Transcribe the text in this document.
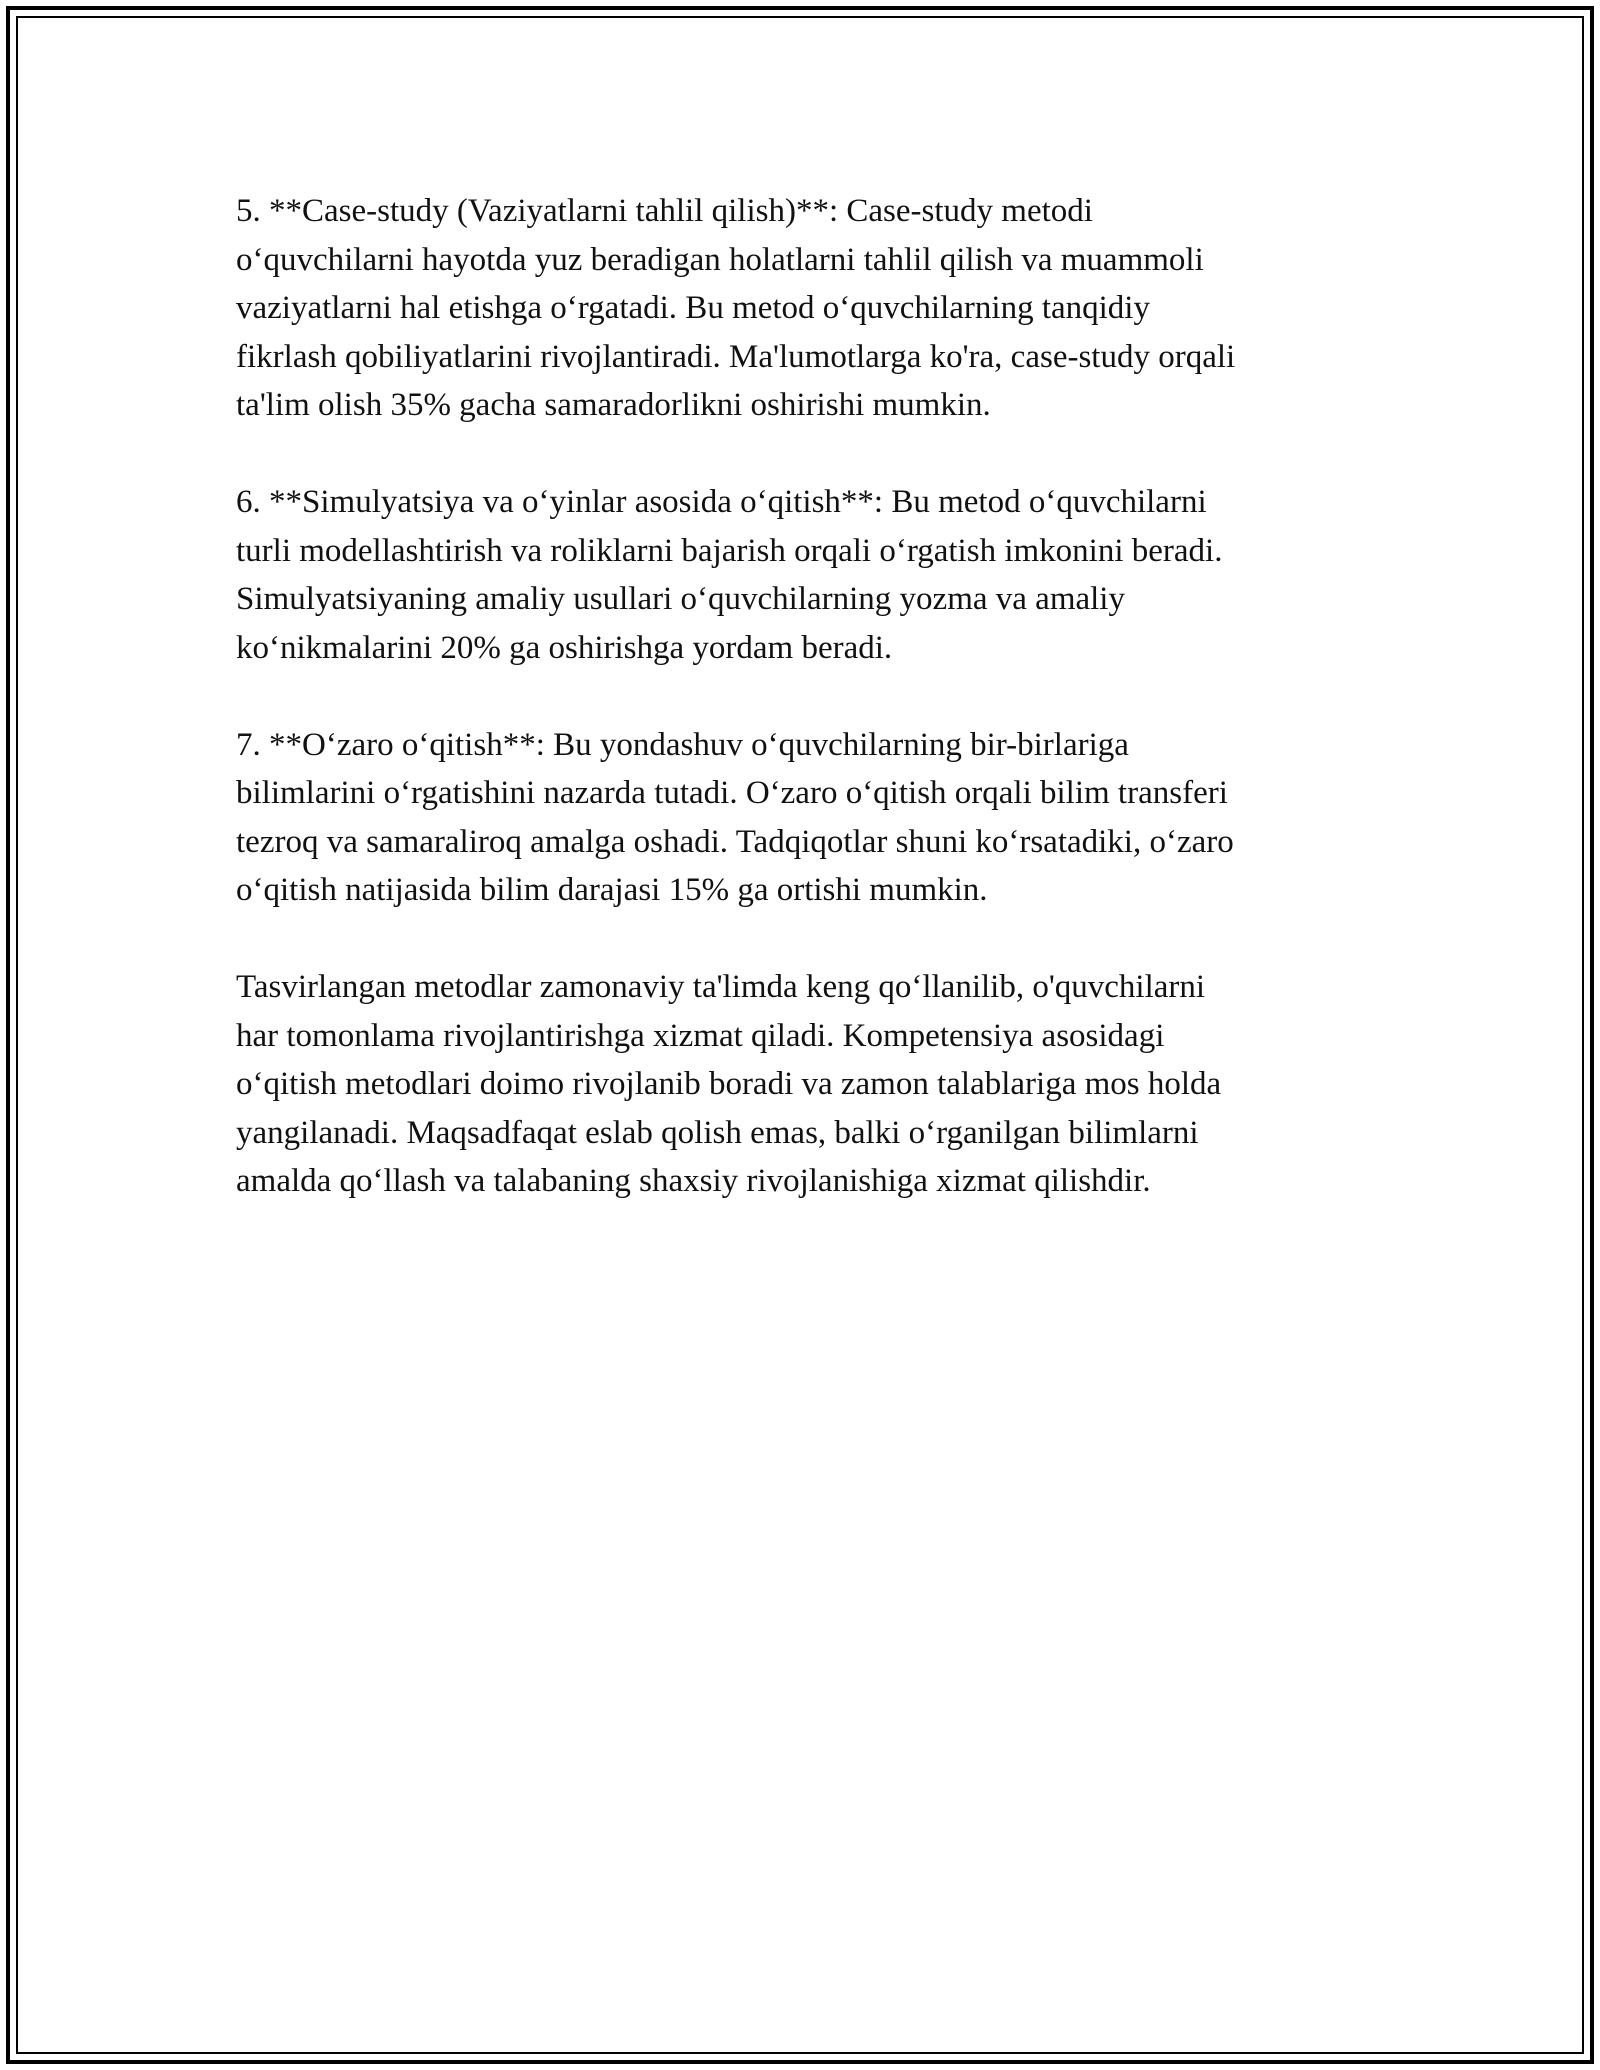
5. **Case-study (Vaziyatlarni tahlil qilish)**: Case-study metodi
o‘quvchilarni hayotda yuz beradigan holatlarni tahlil qilish va muammoli
vaziyatlarni hal etishga o‘rgatadi. Bu metod o‘quvchilarning tanqidiy
fikrlash qobiliyatlarini rivojlantiradi. Ma'lumotlarga ko'ra, case-study orqali
ta'lim olish 35% gacha samaradorlikni oshirishi mumkin.

6. **Simulyatsiya va o‘yinlar asosida o‘qitish**: Bu metod o‘quvchilarni
turli modellashtirish va roliklarni bajarish orqali o‘rgatish imkonini beradi.
Simulyatsiyaning amaliy usullari o‘quvchilarning yozma va amaliy
ko‘nikmalarini 20% ga oshirishga yordam beradi.

7. **O‘zaro o‘qitish**: Bu yondashuv o‘quvchilarning bir-birlariga
bilimlarini o‘rgatishini nazarda tutadi. O‘zaro o‘qitish orqali bilim transferi
tezroq va samaraliroq amalga oshadi. Tadqiqotlar shuni ko‘rsatadiki, o‘zaro
o‘qitish natijasida bilim darajasi 15% ga ortishi mumkin.

Tasvirlangan metodlar zamonaviy ta'limda keng qo‘llanilib, o'quvchilarni
har tomonlama rivojlantirishga xizmat qiladi. Kompetensiya asosidagi
o‘qitish metodlari doimo rivojlanib boradi va zamon talablariga mos holda
yangilanadi. Maqsadfaqat eslab qolish emas, balki o‘rganilgan bilimlarni
amalda qo‘llash va talabaning shaxsiy rivojlanishiga xizmat qilishdir.
